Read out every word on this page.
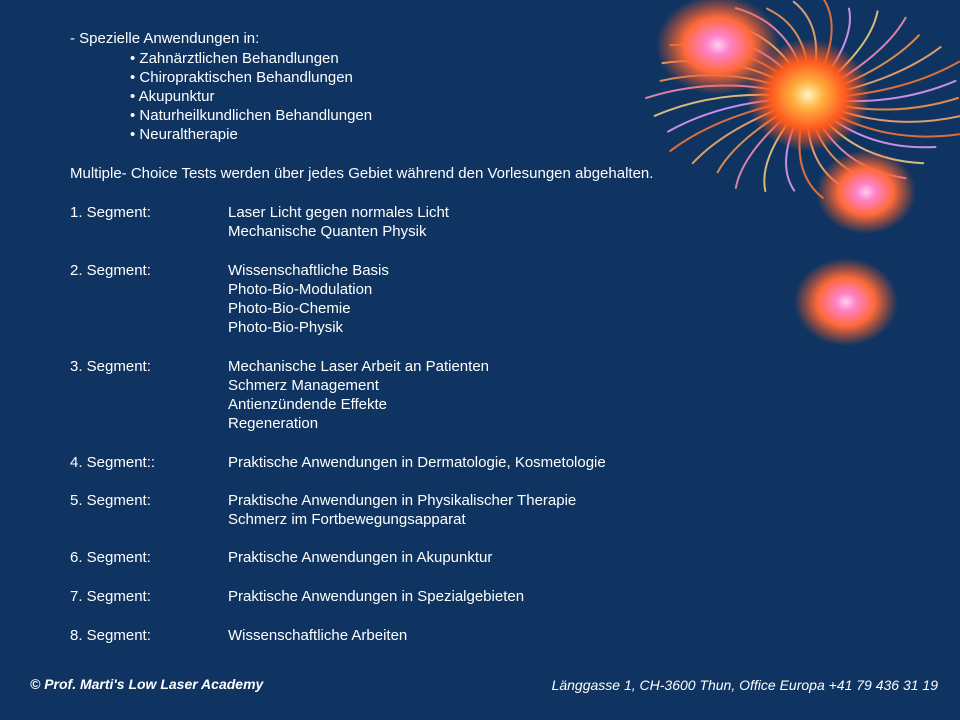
- Spezielle Anwendungen in:
• Zahnärztlichen Behandlungen
• Chiropraktischen Behandlungen
• Akupunktur
• Naturheilkundlichen Behandlungen
• Neuraltherapie
Multiple- Choice Tests werden über jedes Gebiet während den Vorlesungen abgehalten.
1. Segment:	Laser Licht gegen normales Licht
Mechanische Quanten Physik
2. Segment:	Wissenschaftliche Basis
Photo-Bio-Modulation
Photo-Bio-Chemie
Photo-Bio-Physik
3. Segment:	Mechanische Laser Arbeit an Patienten
Schmerz Management
Antienzündende Effekte
Regeneration
4. Segment::	Praktische Anwendungen in Dermatologie, Kosmetologie
5. Segment:	Praktische Anwendungen in Physikalischer Therapie
Schmerz im Fortbewegungsapparat
6. Segment:	Praktische Anwendungen in Akupunktur
7. Segment:	Praktische Anwendungen in Spezialgebieten
8. Segment:	Wissenschaftliche Arbeiten
© Prof. Marti's Low Laser Academy	Länggasse 1, CH-3600 Thun, Office Europa +41 79 436 31 19
